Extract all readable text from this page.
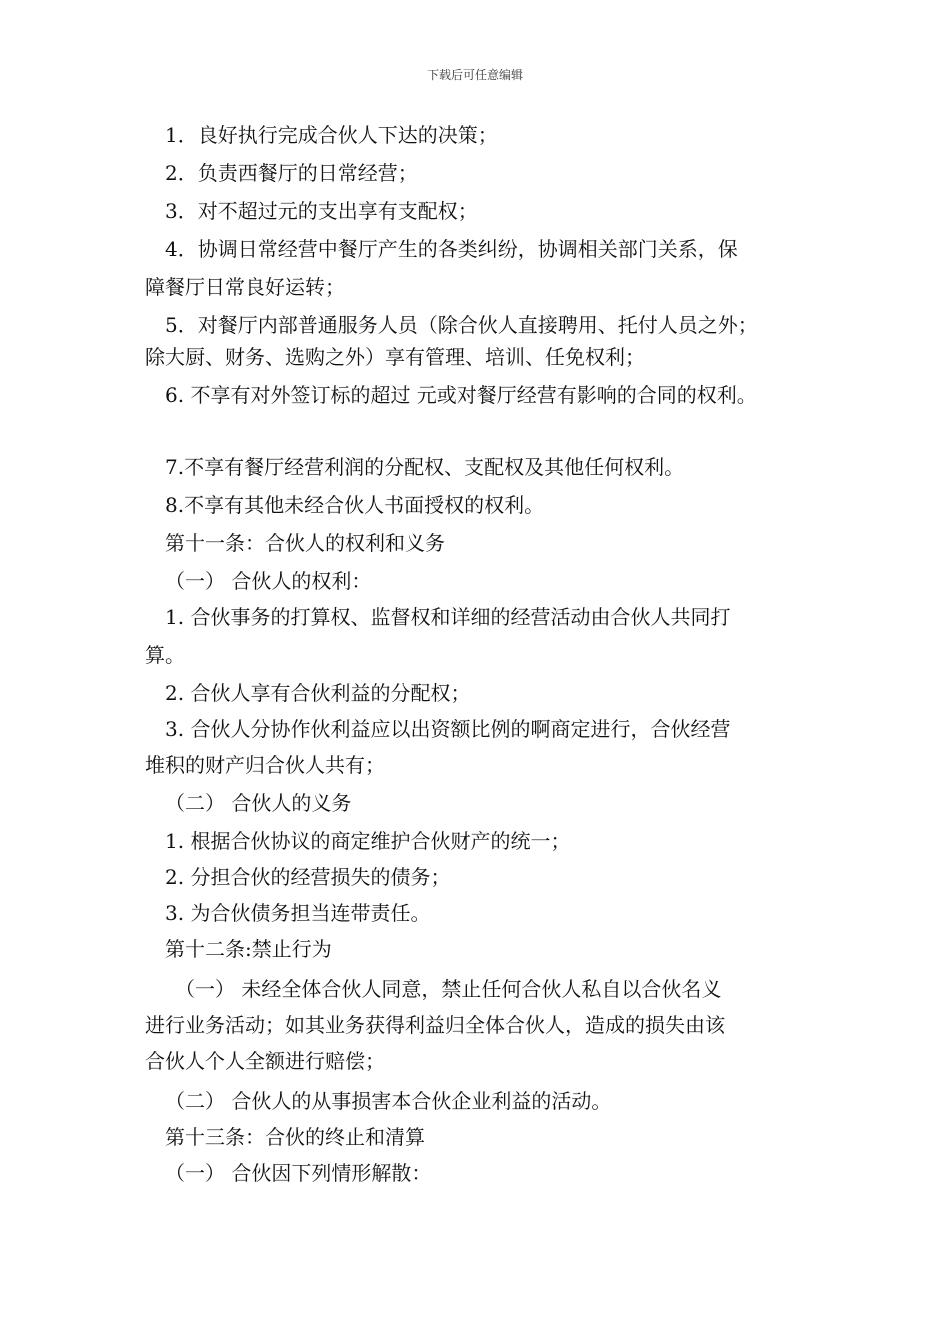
下载后可任意编辑
1．良好执行完成合伙人下达的决策；
2．负责西餐厅的日常经营；
3．对不超过元的支出享有支配权；
4．协调日常经营中餐厅产生的各类纠纷，协调相关部门关系，保
障餐厅日常良好运转；
5．对餐厅内部普通服务人员（除合伙人直接聘用、托付人员之外；
除大厨、财务、选购之外）享有管理、培训、任免权利；
6. 不享有对外签订标的超过 元或对餐厅经营有影响的合同的权利。
7.不享有餐厅经营利润的分配权、支配权及其他任何权利。
8.不享有其他未经合伙人书面授权的权利。
第十一条：合伙人的权利和义务
（一） 合伙人的权利：
1. 合伙事务的打算权、监督权和详细的经营活动由合伙人共同打
算。
2. 合伙人享有合伙利益的分配权；
3. 合伙人分协作伙利益应以出资额比例的啊商定进行，合伙经营
堆积的财产归合伙人共有；
（二） 合伙人的义务
1. 根据合伙协议的商定维护合伙财产的统一；
2. 分担合伙的经营损失的债务；
3. 为合伙债务担当连带责任。
第十二条:禁止行为
（一） 未经全体合伙人同意，禁止任何合伙人私自以合伙名义
进行业务活动；如其业务获得利益归全体合伙人，造成的损失由该
合伙人个人全额进行赔偿；
（二） 合伙人的从事损害本合伙企业利益的活动。
第十三条：合伙的终止和清算
（一） 合伙因下列情形解散：
